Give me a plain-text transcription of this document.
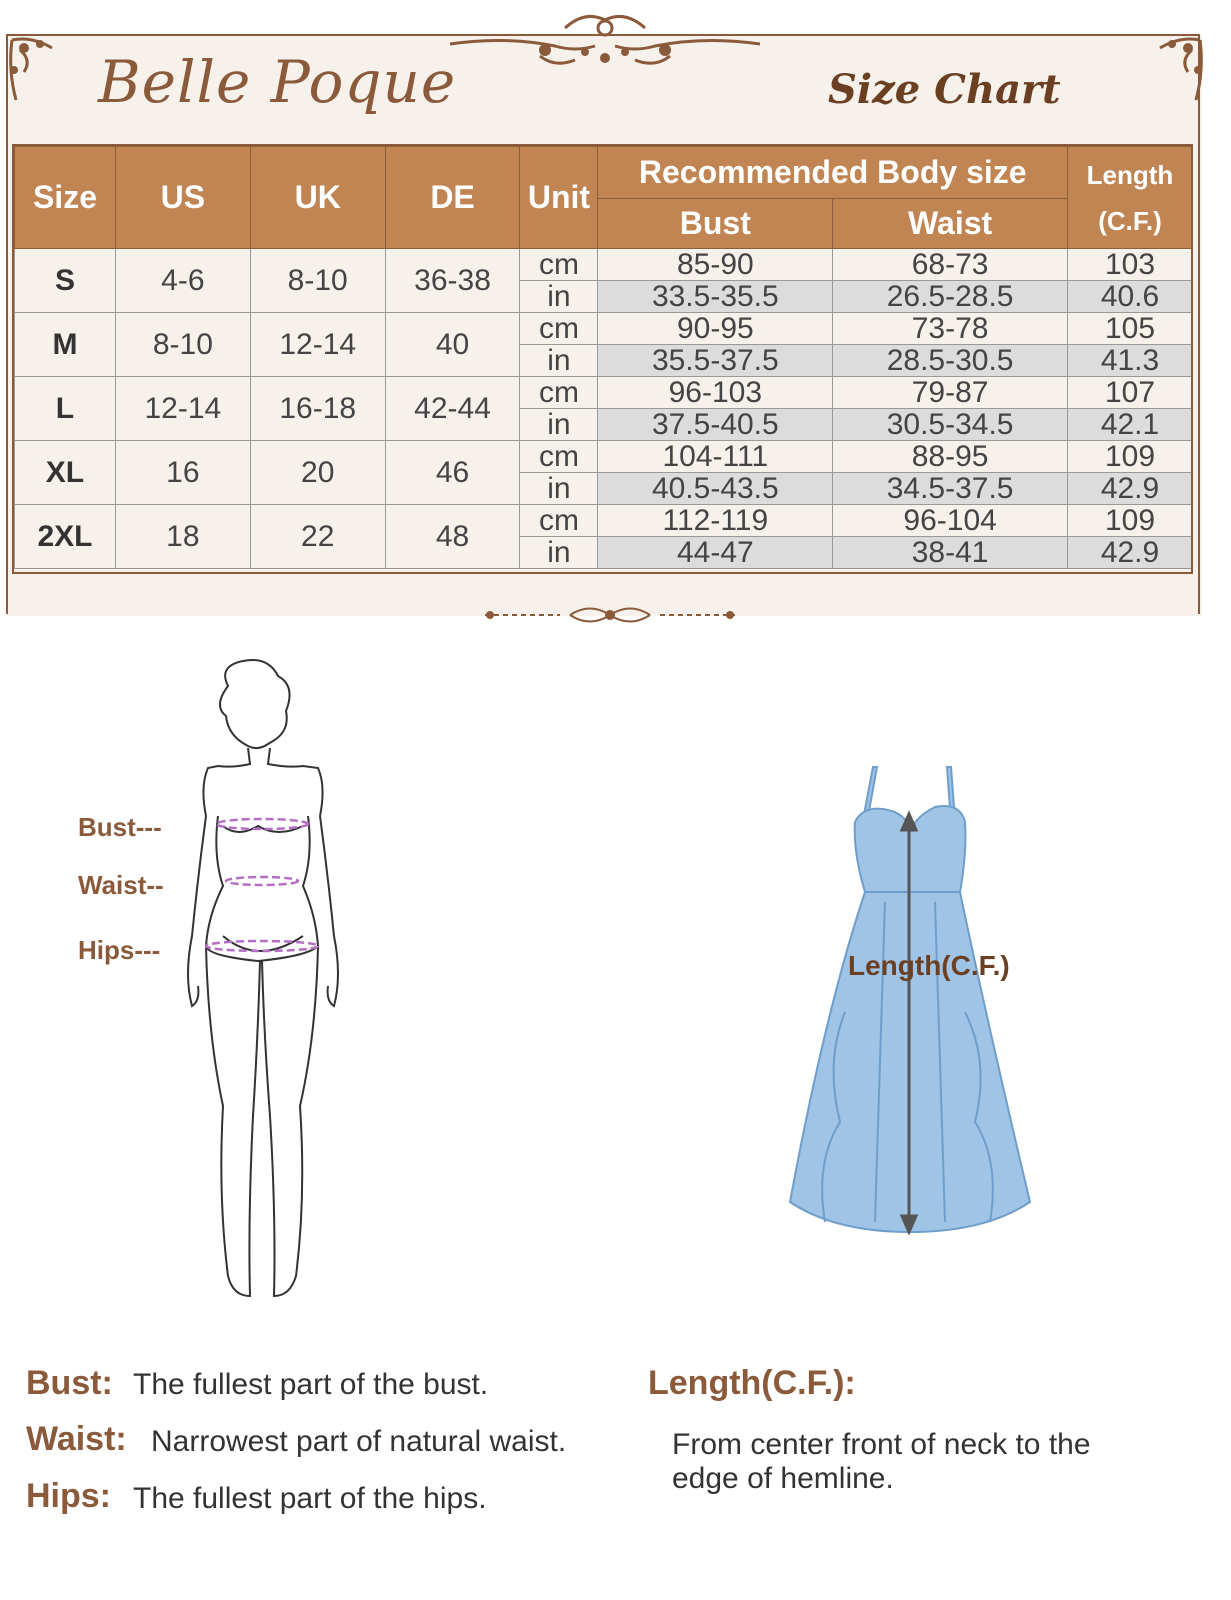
Belle Poque	Size Chart
Size	US	UK	DE	Unit	Recommended Body size		Length
(C.F.)

					Bust	Waist	
S	4-6	8-10	36-38	cm	85-90	68-73	103
				in	33.5-35.5	26.5-28.5	40.6
M	8-10	12-14	40	cm	90-95	73-78	105
				in	35.5-37.5	28.5-30.5	41.3
L	12-14	16-18	42-44	cm	96-103	79-87	107
				in	37.5-40.5	30.5-34.5	42.1
XL	16	20	46	cm	104-111	88-95	109
				in	40.5-43.5	34.5-37.5	42.9
2XL	18	22	48	cm	112-119	96-104	109
				in	44-47	38-41	42.9
Bust---
Waist--
Hips---	Length(C.F.)
Bust: The fullest part of the bust.
Waist: Narrowest part of natural waist.
Hips: The fullest part of the hips.
Length(C.F.):
From center front of neck to the
edge of hemline.
